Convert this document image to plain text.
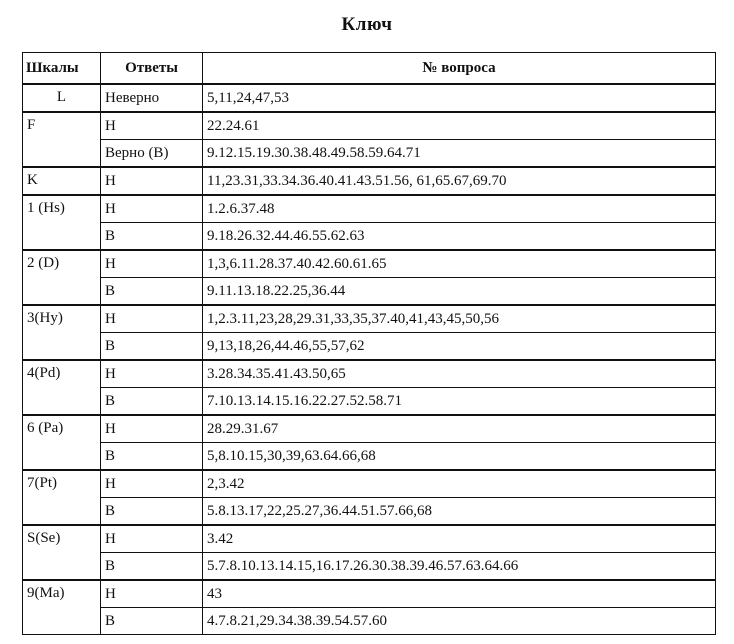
Ключ
Шкалы	Ответы	№ вопроса
L	Неверно	5,11,24,47,53
F	Н	22.24.61
	Верно (В)	9.12.15.19.30.38.48.49.58.59.64.71
K	Н	11,23.31,33.34.36.40.41.43.51.56, 61,65.67,69.70
1 (Hs)	Н	1.2.6.37.48
	В	9.18.26.32.44.46.55.62.63
2 (D)	Н	1,3,6.11.28.37.40.42.60.61.65
	В	9.11.13.18.22.25,36.44
3(Hy)	Н	1,2.3.11,23,28,29.31,33,35,37.40,41,43,45,50,56
	В	9,13,18,26,44.46,55,57,62
4(Pd)	Н	3.28.34.35.41.43.50,65
	В	7.10.13.14.15.16.22.27.52.58.71
6 (Pa)	Н	28.29.31.67
	В	5,8.10.15,30,39,63.64.66,68
7(Pt)	Н	2,3.42
	В	5.8.13.17,22,25.27,36.44.51.57.66,68
S(Se)	Н	3.42
	В	5.7.8.10.13.14.15,16.17.26.30.38.39.46.57.63.64.66
9(Ma)	Н	43
	В	4.7.8.21,29.34.38.39.54.57.60
